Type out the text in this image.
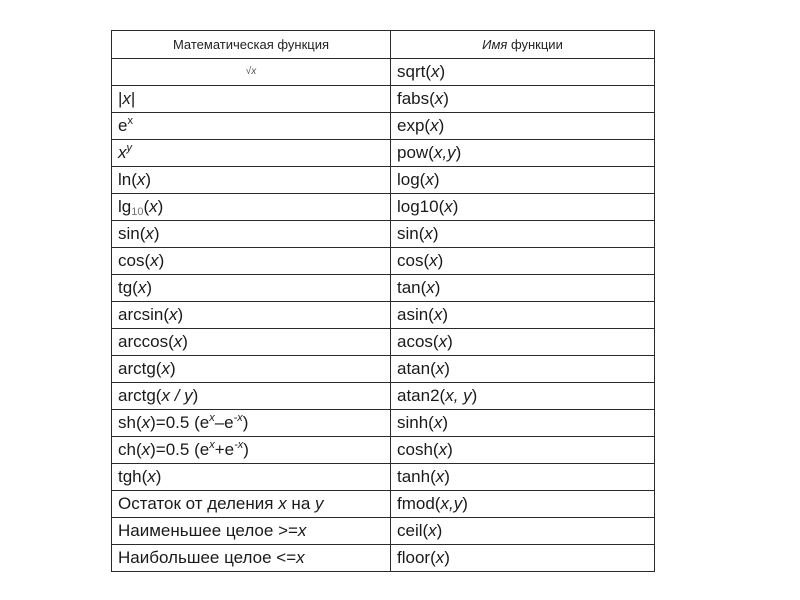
Математическая функция	Имя функции
√x	sqrt(x)
|x|	fabs(x)
$e^x$	exp(x)
$x^y$	pow(x,y)
ln(x)	log(x)
$\lg_{10}(x)$	log10(x)
sin(x)	sin(x)
cos(x)	cos(x)
tg(x)	tan(x)
arcsin(x)	asin(x)
arccos(x)	acos(x)
arctg(x)	atan(x)
arctg(x / y)	atan2(x, y)
sh(x)=0.5 $(e^x-e^{-x})$	sinh(x)
ch(x)=0.5 $(e^x+e^{-x})$	cosh(x)
tgh(x)	tanh(x)
Остаток от деления x на y	fmod(x,y)
Наименьшее целое >=x	ceil(x)
Наибольшее целое <=x	floor(x)
